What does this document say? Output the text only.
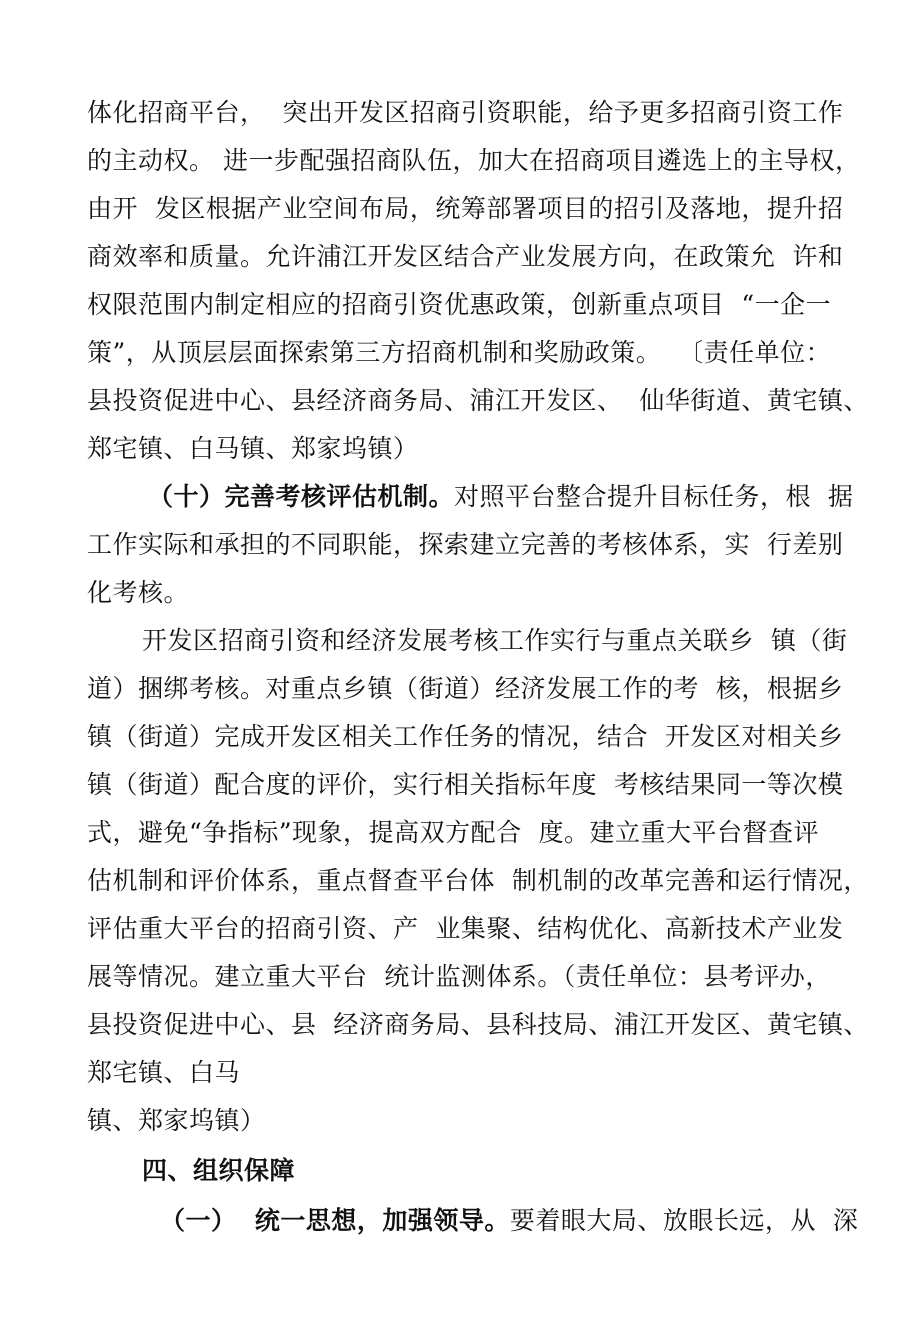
体化招商平台，  突出开发区招商引资职能，给予更多招商引资工作
的主动权。 进一步配强招商队伍，加大在招商项目遴选上的主导权，
由开  发区根据产业空间布局，统筹部署项目的招引及落地，提升招
商效率和质量。允许浦江开发区结合产业发展方向，在政策允  许和
权限范围内制定相应的招商引资优惠政策，创新重点项目  “一企一
策”，从顶层层面探索第三方招商机制和奖励政策。  〔责任单位：
县投资促进中心、县经济商务局、浦江开发区、  仙华街道、黄宅镇、
郑宅镇、白马镇、郑家坞镇）
（十）完善考核评估机制。对照平台整合提升目标任务，根  据
工作实际和承担的不同职能，探索建立完善的考核体系，实  行差别
化考核。
开发区招商引资和经济发展考核工作实行与重点关联乡  镇（街
道）捆绑考核。对重点乡镇（街道）经济发展工作的考  核，根据乡
镇（街道）完成开发区相关工作任务的情况，结合  开发区对相关乡
镇（街道）配合度的评价，实行相关指标年度  考核结果同一等次模
式，避免“争指标”现象，提高双方配合  度。建立重大平台督查评
估机制和评价体系，重点督查平台体  制机制的改革完善和运行情况，
评估重大平台的招商引资、产  业集聚、结构优化、高新技术产业发
展等情况。建立重大平台  统计监测体系。（责任单位：县考评办，
县投资促进中心、县  经济商务局、县科技局、浦江开发区、黄宅镇、
郑宅镇、白马
镇、郑家坞镇）
四、组织保障
（一）  统一思想，加强领导。要着眼大局、放眼长远，从  深
